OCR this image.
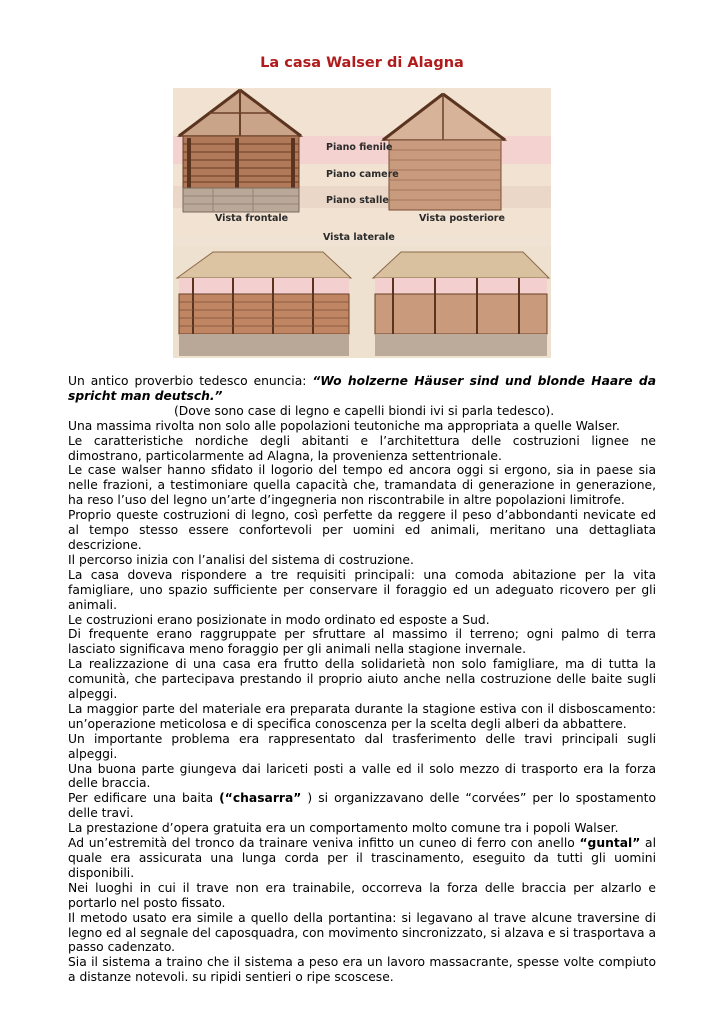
La casa Walser di Alagna
Piano fienile
Piano camere
Piano stalle
Vista frontale	Vista posteriore
Vista laterale

Un antico proverbio tedesco enuncia: “Wo holzerne Häuser sind und blonde Haare da spricht man deutsch.”

(Dove sono case di legno e capelli biondi ivi si parla tedesco).

Una massima rivolta non solo alle popolazioni teutoniche ma appropriata a quelle Walser.

Le caratteristiche nordiche degli abitanti e l’architettura delle costruzioni lignee ne dimostrano, particolarmente ad Alagna, la provenienza settentrionale.

Le case walser hanno sfidato il logorio del tempo ed ancora oggi si ergono, sia in paese sia nelle frazioni, a testimoniare quella capacità che, tramandata di generazione in generazione, ha reso l’uso del legno un’arte d’ingegneria non riscontrabile in altre popolazioni limitrofe.

Proprio queste costruzioni di legno, così perfette da reggere il peso d’abbondanti nevicate ed al tempo stesso essere confortevoli per uomini ed animali, meritano una dettagliata descrizione.

Il percorso inizia con l’analisi del sistema di costruzione.

La casa doveva rispondere a tre requisiti principali: una comoda abitazione per la vita famigliare, uno spazio sufficiente per conservare il foraggio ed un adeguato ricovero per gli animali.

Le costruzioni erano posizionate in modo ordinato ed esposte a Sud.

Di frequente erano raggruppate per sfruttare al massimo il terreno; ogni palmo di terra lasciato significava meno foraggio per gli animali nella stagione invernale.

La realizzazione di una casa era frutto della solidarietà non solo famigliare, ma di tutta la comunità, che partecipava prestando il proprio aiuto anche nella costruzione delle baite sugli alpeggi.

La maggior parte del materiale era preparata durante la stagione estiva con il disboscamento: un’operazione meticolosa e di specifica conoscenza per la scelta degli alberi da abbattere.

Un importante problema era rappresentato dal trasferimento delle travi principali sugli alpeggi.

Una buona parte giungeva dai lariceti posti a valle ed il solo mezzo di trasporto era la forza delle braccia.

Per edificare una baita (“chasarra” ) si organizzavano delle “corvées” per lo spostamento delle travi.

La prestazione d’opera gratuita era un comportamento molto comune tra i popoli Walser.

Ad un’estremità del tronco da trainare veniva infitto un cuneo di ferro con anello “guntal” al quale era assicurata una lunga corda per il trascinamento, eseguito da tutti gli uomini disponibili.

Nei luoghi in cui il trave non era trainabile, occorreva la forza delle braccia per alzarlo e portarlo nel posto fissato.

Il metodo usato era simile a quello della portantina: si legavano al trave alcune traversine di legno ed al segnale del caposquadra, con movimento sincronizzato, si alzava e si trasportava a passo cadenzato.

Sia il sistema a traino che il sistema a peso era un lavoro massacrante, spesse volte compiuto a distanze notevoli. su ripidi sentieri o ripe scoscese.
